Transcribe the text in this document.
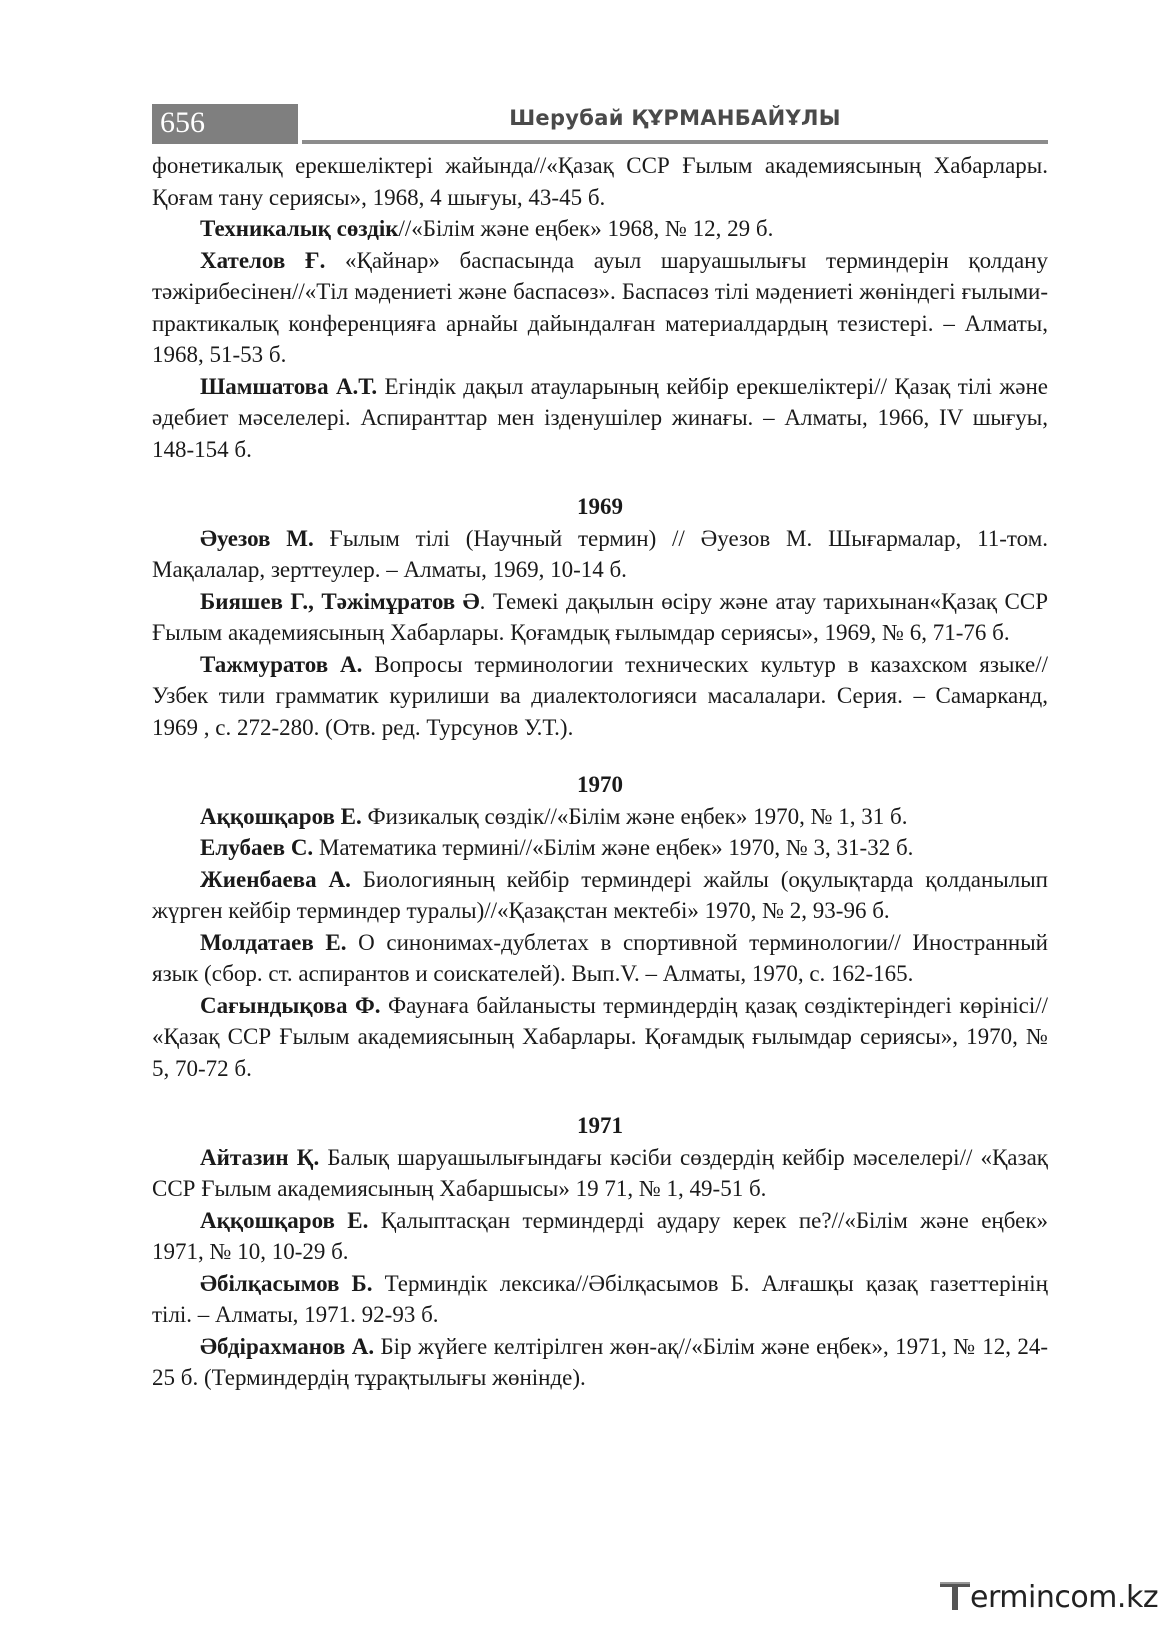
656	Шерубай ҚҰРМАНБАЙҰЛЫ

фонетикалық ерекшеліктері жайында//«Қазақ ССР Ғылым академиясының Хабарлары. Қоғам тану сериясы», 1968, 4 шығуы, 43-45 б.

Техникалық сөздік//«Білім және еңбек» 1968, № 12, 29 б.

Хателов Ғ. «Қайнар» баспасында ауыл шаруашылығы терминдерін қолдану тәжірибесінен//«Тіл мәдениеті және баспасөз». Баспасөз тілі мәдениеті жөніндегі ғылыми-практикалық конференцияға арнайы дайындалған материалдардың тезистері. – Алматы, 1968, 51-53 б.

Шамшатова А.Т. Егіндік дақыл атауларының кейбір ерекшеліктері// Қазақ тілі және әдебиет мәселелері. Аспиранттар мен ізденушілер жинағы. – Алматы, 1966, IV шығуы, 148-154 б.

1969

Әуезов М. Ғылым тілі (Научный термин) // Әуезов М. Шығармалар, 11-том. Мақалалар, зерттеулер. – Алматы, 1969, 10-14 б.

Бияшев Г., Тәжімұратов Ә. Темекі дақылын өсіру және атау тарихынан«Қазақ ССР Ғылым академиясының Хабарлары. Қоғамдық ғылымдар сериясы», 1969, № 6, 71-76 б.

Тажмуратов А. Вопросы терминологии технических культур в казахском языке//Узбек тили грамматик курилиши ва диалектологияси масалалари. Серия. – Самарканд, 1969 , с. 272-280. (Отв. ред. Турсунов У.Т.).

1970

Аққошқаров Е. Физикалық сөздік//«Білім және еңбек» 1970, № 1, 31 б.

Елубаев С. Математика термині//«Білім және еңбек» 1970, № 3, 31-32 б.

Жиенбаева А. Биологияның кейбір терминдері жайлы (оқулықтарда қолданылып жүрген кейбір терминдер туралы)//«Қазақстан мектебі» 1970, № 2, 93-96 б.

Молдатаев Е. О синонимах-дублетах в спортивной терминологии// Иностранный язык (сбор. ст. аспирантов и соискателей). Вып.V. – Алматы, 1970, с. 162-165.

Сағындықова Ф. Фаунаға байланысты терминдердің қазақ сөздіктеріндегі көрінісі// «Қазақ ССР Ғылым академиясының Хабарлары. Қоғамдық ғылымдар сериясы», 1970, № 5, 70-72 б.

1971

Айтазин Қ. Балық шаруашылығындағы кәсіби сөздердің кейбір мәселелері// «Қазақ ССР Ғылым академиясының Хабаршысы» 19 71, № 1, 49-51 б.

Аққошқаров Е. Қалыптасқан терминдерді аудару керек пе?//«Білім және еңбек» 1971, № 10, 10-29 б.

Әбілқасымов Б. Терминдік лексика//Әбілқасымов Б. Алғашқы қазақ газеттерінің тілі. – Алматы, 1971. 92-93 б.

Әбдірахманов А. Бір жүйеге келтірілген жөн-ақ//«Білім және еңбек», 1971, № 12, 24-25 б. (Терминдердің тұрақтылығы жөнінде).

ermincom.kz
